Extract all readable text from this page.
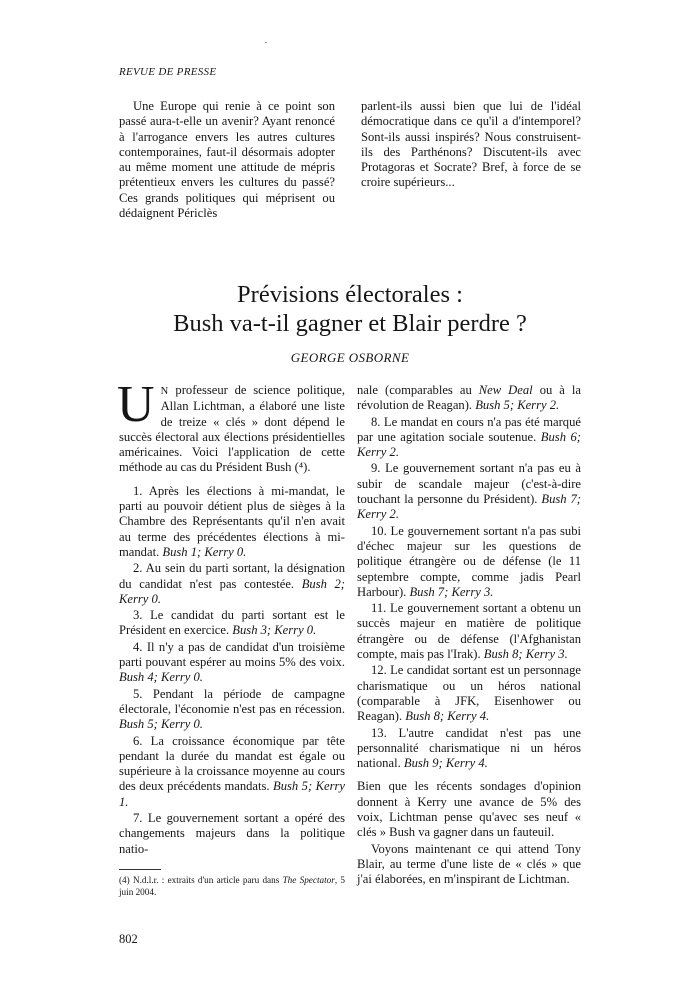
REVUE DE PRESSE

Une Europe qui renie à ce point son passé aura-t-elle un avenir? Ayant renoncé à l'arrogance envers les autres cultures contemporaines, faut-il désormais adopter au même moment une attitude de mépris prétentieux envers les cultures du passé? Ces grands politiques qui méprisent ou dédaignent Périclès

parlent-ils aussi bien que lui de l'idéal démocratique dans ce qu'il a d'intemporel? Sont-ils aussi inspirés? Nous construisent-ils des Parthénons? Discutent-ils avec Protagoras et Socrate? Bref, à force de se croire supérieurs...

Prévisions électorales :
Bush va-t-il gagner et Blair perdre ?
GEORGE OSBORNE

U N professeur de science politique, Allan Lichtman, a élaboré une liste de treize « clés » dont dépend le succès électoral aux élections présidentielles américaines. Voici l'application de cette méthode au cas du Président Bush (⁴).

1. Après les élections à mi-mandat, le parti au pouvoir détient plus de sièges à la Chambre des Représentants qu'il n'en avait au terme des précédentes élections à mi-mandat. Bush 1; Kerry 0.

2. Au sein du parti sortant, la désignation du candidat n'est pas contestée. Bush 2; Kerry 0.

3. Le candidat du parti sortant est le Président en exercice. Bush 3; Kerry 0.

4. Il n'y a pas de candidat d'un troisième parti pouvant espérer au moins 5% des voix. Bush 4; Kerry 0.

5. Pendant la période de campagne électorale, l'économie n'est pas en récession. Bush 5; Kerry 0.

6. La croissance économique par tête pendant la durée du mandat est égale ou supérieure à la croissance moyenne au cours des deux précédents mandats. Bush 5; Kerry 1.

7. Le gouvernement sortant a opéré des changements majeurs dans la politique natio-

nale (comparables au New Deal ou à la révolution de Reagan). Bush 5; Kerry 2.

8. Le mandat en cours n'a pas été marqué par une agitation sociale soutenue. Bush 6; Kerry 2.

9. Le gouvernement sortant n'a pas eu à subir de scandale majeur (c'est-à-dire touchant la personne du Président). Bush 7; Kerry 2.

10. Le gouvernement sortant n'a pas subi d'échec majeur sur les questions de politique étrangère ou de défense (le 11 septembre compte, comme jadis Pearl Harbour). Bush 7; Kerry 3.

11. Le gouvernement sortant a obtenu un succès majeur en matière de politique étrangère ou de défense (l'Afghanistan compte, mais pas l'Irak). Bush 8; Kerry 3.

12. Le candidat sortant est un personnage charismatique ou un héros national (comparable à JFK, Eisenhower ou Reagan). Bush 8; Kerry 4.

13. L'autre candidat n'est pas une personnalité charismatique ni un héros national. Bush 9; Kerry 4.

Bien que les récents sondages d'opinion donnent à Kerry une avance de 5% des voix, Lichtman pense qu'avec ses neuf « clés » Bush va gagner dans un fauteuil.

Voyons maintenant ce qui attend Tony Blair, au terme d'une liste de « clés » que j'ai élaborées, en m'inspirant de Lichtman.

(4) N.d.l.r. : extraits d'un article paru dans The Spectator, 5 juin 2004.
802
